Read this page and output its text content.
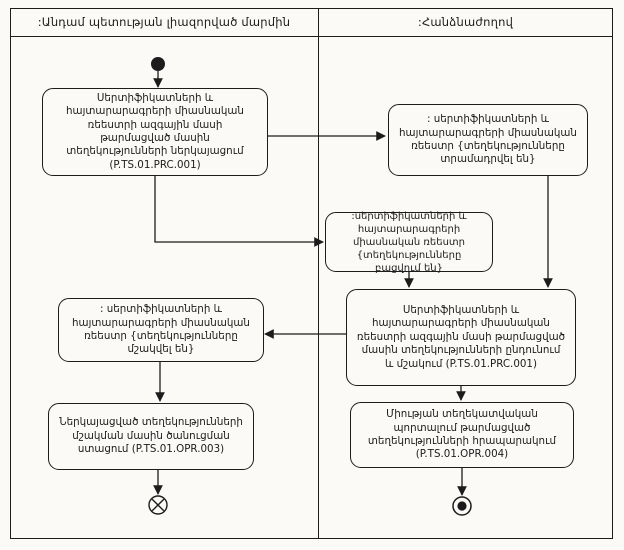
:Անդամ պետության լիազորված մարմին	:Հանձնաժողով
Սերտիֆիկատների և հայտարարագրերի միասնական ռեեստրի ազգային մասի թարմացված մասին տեղեկությունների ներկայացում (P.TS.01.PRC.001)
: սերտիֆիկատների և հայտարարագրերի միասնական ռեեստր {տեղեկությունները մշակվել են}
Ներկայացված տեղեկությունների մշակման մասին ծանուցման ստացում (P.TS.01.OPR.003)
: սերտիֆիկատների և հայտարարագրերի միասնական ռեեստր {տեղեկությունները տրամադրվել են}
:սերտիֆիկատների և հայտարարագրերի միասնական ռեեստր {տեղեկությունները բացվում են}
Սերտիֆիկատների և հայտարարագրերի միասնական ռեեստրի ազգային մասի թարմացված մասին տեղեկությունների ընդունում և մշակում (P.TS.01.PRC.001)
Միության տեղեկատվական պորտալում թարմացված տեղեկությունների հրապարակում (P.TS.01.OPR.004)
